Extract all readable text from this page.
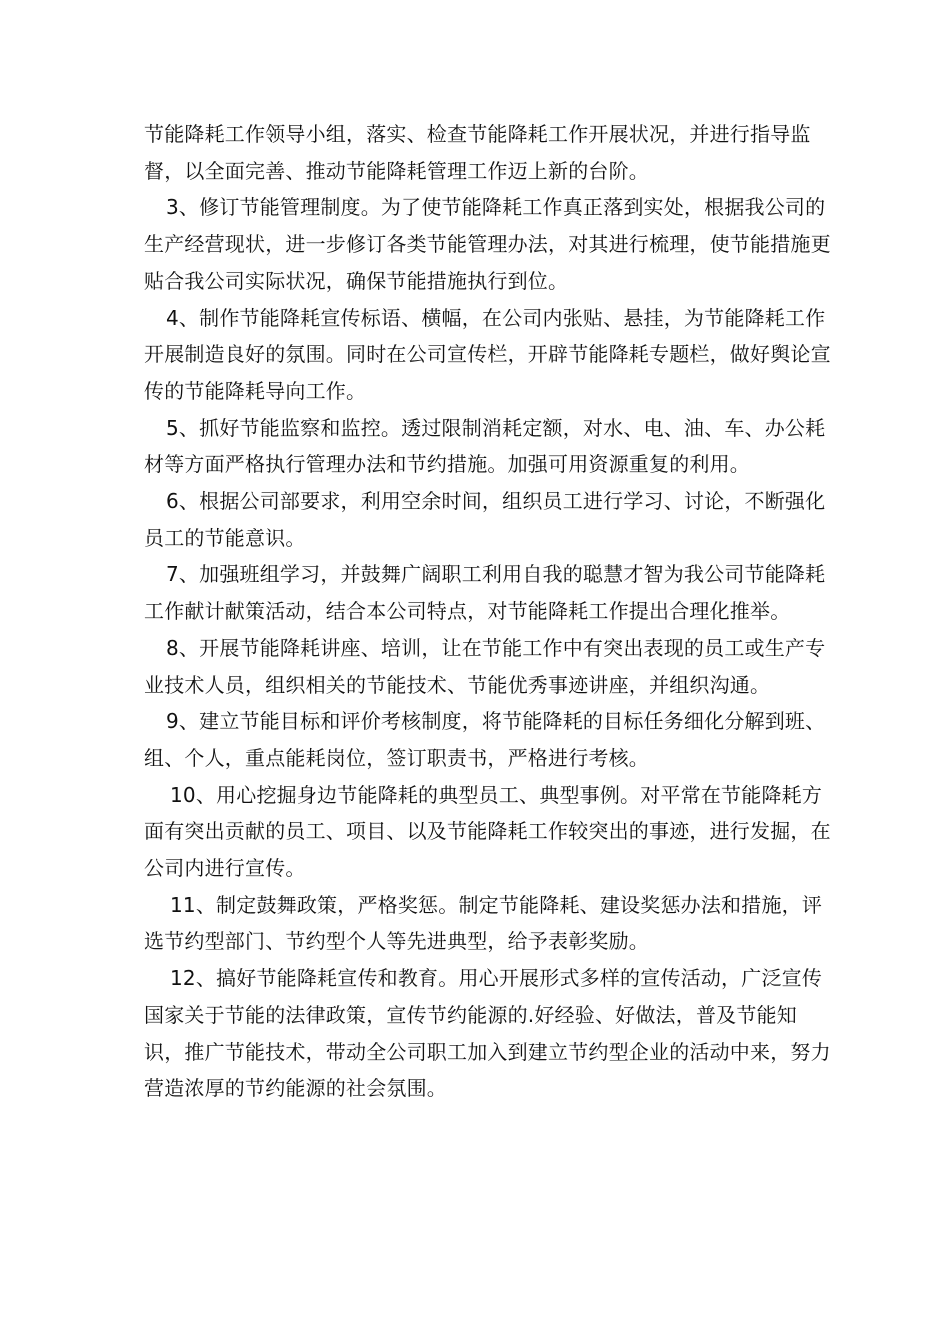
节能降耗工作领导小组，落实、检查节能降耗工作开展状况，并进行指导监督，以全面完善、推动节能降耗管理工作迈上新的台阶。

3、修订节能管理制度。为了使节能降耗工作真正落到实处，根据我公司的生产经营现状，进一步修订各类节能管理办法，对其进行梳理，使节能措施更贴合我公司实际状况，确保节能措施执行到位。

4、制作节能降耗宣传标语、横幅，在公司内张贴、悬挂，为节能降耗工作开展制造良好的氛围。同时在公司宣传栏，开辟节能降耗专题栏，做好舆论宣传的节能降耗导向工作。

5、抓好节能监察和监控。透过限制消耗定额，对水、电、油、车、办公耗材等方面严格执行管理办法和节约措施。加强可用资源重复的利用。

6、根据公司部要求，利用空余时间，组织员工进行学习、讨论，不断强化员工的节能意识。

7、加强班组学习，并鼓舞广阔职工利用自我的聪慧才智为我公司节能降耗工作献计献策活动，结合本公司特点，对节能降耗工作提出合理化推举。

8、开展节能降耗讲座、培训，让在节能工作中有突出表现的员工或生产专业技术人员，组织相关的节能技术、节能优秀事迹讲座，并组织沟通。

9、建立节能目标和评价考核制度，将节能降耗的目标任务细化分解到班、组、个人，重点能耗岗位，签订职责书，严格进行考核。

10、用心挖掘身边节能降耗的典型员工、典型事例。对平常在节能降耗方面有突出贡献的员工、项目、以及节能降耗工作较突出的事迹，进行发掘，在公司内进行宣传。

11、制定鼓舞政策，严格奖惩。制定节能降耗、建设奖惩办法和措施，评选节约型部门、节约型个人等先进典型，给予表彰奖励。

12、搞好节能降耗宣传和教育。用心开展形式多样的宣传活动，广泛宣传国家关于节能的法律政策，宣传节约能源的.好经验、好做法，普及节能知识，推广节能技术，带动全公司职工加入到建立节约型企业的活动中来，努力营造浓厚的节约能源的社会氛围。
